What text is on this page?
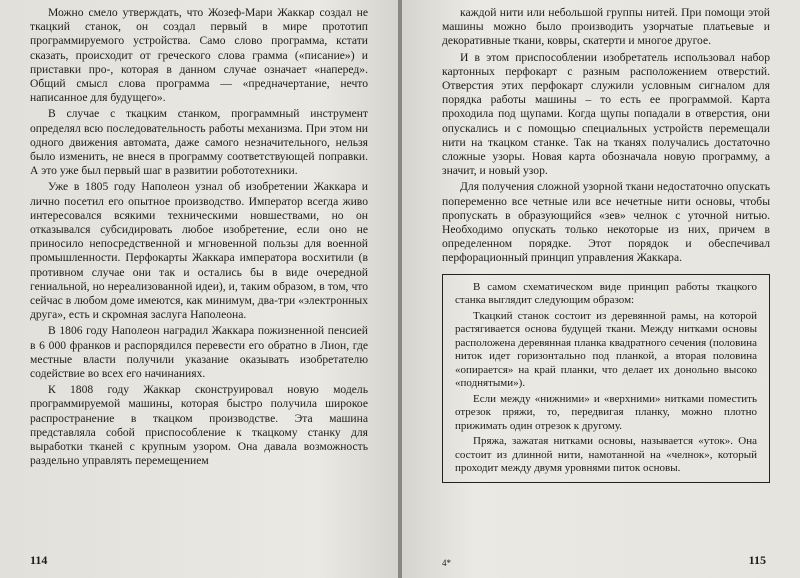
Можно смело утверждать, что Жозеф-Мари Жаккар создал не ткацкий станок, он создал первый в мире прототип программируемого устройства. Само слово программа, кстати сказать, происходит от греческого слова грамма («писание») и приставки про-, которая в данном случае означает «наперед». Общий смысл слова программа — «предначертание, нечто написанное для будущего».

В случае с ткацким станком, программный инструмент определял всю последовательность работы механизма. При этом ни одного движения автомата, даже самого незначительного, нельзя было изменить, не внеся в программу соответствующей поправки. А это уже был первый шаг в развитии робототехники.

Уже в 1805 году Наполеон узнал об изобретении Жаккара и лично посетил его опытное производство. Император всегда живо интересовался всякими техническими новшествами, но он отказывался субсидировать любое изобретение, если оно не приносило непосредственной и мгновенной пользы для военной промышленности. Перфокарты Жаккара императора восхитили (в противном случае они так и остались бы в виде очередной гениальной, но нереализованной идеи), и, таким образом, в том, что сейчас в любом доме имеются, как минимум, два-три «электронных друга», есть и скромная заслуга Наполеона.

В 1806 году Наполеон наградил Жаккара пожизненной пенсией в 6 000 франков и распорядился перевести его обратно в Лион, где местные власти получили указание оказывать изобретателю содействие во всех его начинаниях.

К 1808 году Жаккар сконструировал новую модель программируемой машины, которая быстро получила широкое распространение в ткацком производстве. Эта машина представляла собой приспособление к ткацкому станку для выработки тканей с крупным узором. Она давала возможность раздельно управлять перемещением

114

каждой нити или небольшой группы нитей. При помощи этой машины можно было производить узорчатые платьевые и декоративные ткани, ковры, скатерти и многое другое.

И в этом приспособлении изобретатель использовал набор картонных перфокарт с разным расположением отверстий. Отверстия этих перфокарт служили условным сигналом для порядка работы машины – то есть ее программой. Карта проходила под щупами. Когда щупы попадали в отверстия, они опускались и с помощью специальных устройств перемещали нити на ткацком станке. Так на тканях получались достаточно сложные узоры. Новая карта обозначала новую программу, а значит, и новый узор.

Для получения сложной узорной ткани недостаточно опускать попеременно все четные или все нечетные нити основы, чтобы пропускать в образующийся «зев» челнок с уточной нитью. Необходимо опускать только некоторые из них, причем в определенном порядке. Этот порядок и обеспечивал перфорационный принцип управления Жаккара.

В самом схематическом виде принцип работы ткацкого станка выглядит следующим образом:

Ткацкий станок состоит из деревянной рамы, на которой растягивается основа будущей ткани. Между нитками основы расположена деревянная планка квадратного сечения (половина ниток идет горизонтально под планкой, а вторая половина «опирается» на край планки, что делает их донольно высоко «поднятыми»).

Если между «нижними» и «верхними» нитками поместить отрезок пряжи, то, передвигая планку, можно плотно прижимать один отрезок к другому.

Пряжа, зажатая нитками основы, называется «уток». Она состоит из длинной нити, намотанной на «челнок», который проходит между двумя уровнями питок основы.

4*	115
